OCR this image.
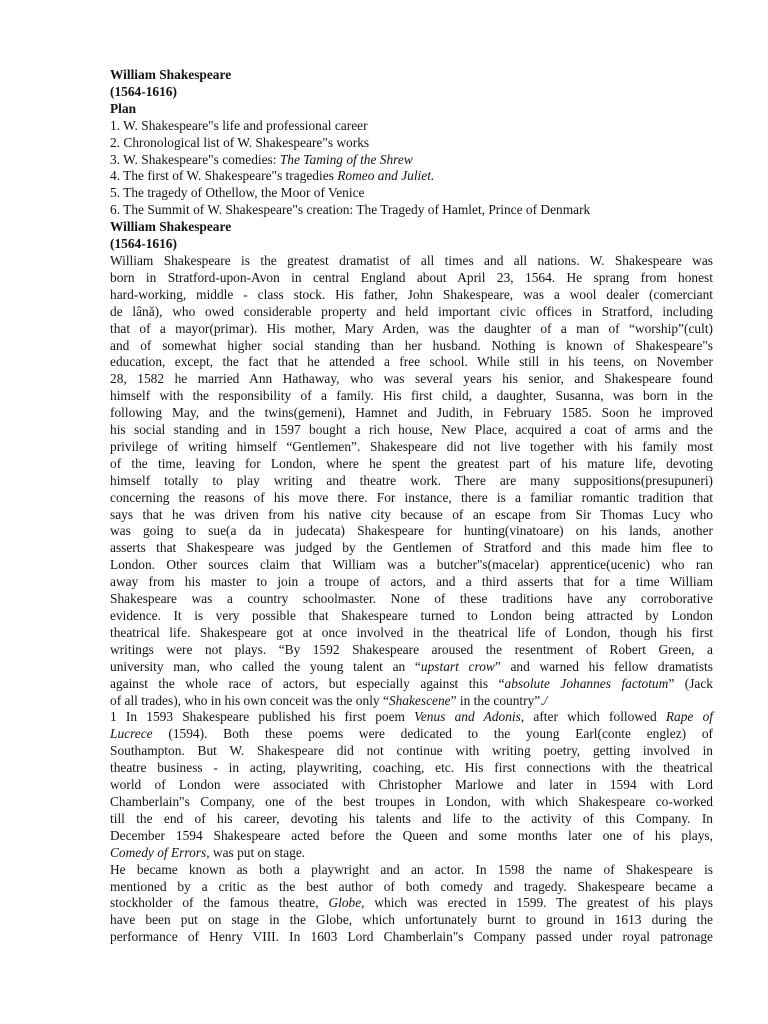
William Shakespeare
(1564-1616)
Plan
1. W. Shakespeare"s life and professional career
2. Chronological list of W. Shakespeare"s works
3. W. Shakespeare"s comedies: The Taming of the Shrew
4. The first of W. Shakespeare"s tragedies Romeo and Juliet.
5. The tragedy of Othellow, the Moor of Venice
6. The Summit of W. Shakespeare"s creation: The Tragedy of Hamlet, Prince of Denmark
William Shakespeare
(1564-1616)
William Shakespeare is the greatest dramatist of all times and all nations. W. Shakespeare was
born in Stratford-upon-Avon in central England about April 23, 1564. He sprang from honest
hard-working, middle - class stock. His father, John Shakespeare, was a wool dealer (comerciant
de lână), who owed considerable property and held important civic offices in Stratford, including
that of a mayor(primar). His mother, Mary Arden, was the daughter of a man of “worship”(cult)
and of somewhat higher social standing than her husband. Nothing is known of Shakespeare"s
education, except, the fact that he attended a free school. While still in his teens, on November
28, 1582 he married Ann Hathaway, who was several years his senior, and Shakespeare found
himself with the responsibility of a family. His first child, a daughter, Susanna, was born in the
following May, and the twins(gemeni), Hamnet and Judith, in February 1585. Soon he improved
his social standing and in 1597 bought a rich house, New Place, acquired a coat of arms and the
privilege of writing himself “Gentlemen”. Shakespeare did not live together with his family most
of the time, leaving for London, where he spent the greatest part of his mature life, devoting
himself totally to play writing and theatre work. There are many suppositions(presupuneri)
concerning the reasons of his move there. For instance, there is a familiar romantic tradition that
says that he was driven from his native city because of an escape from Sir Thomas Lucy who
was going to sue(a da in judecata) Shakespeare for hunting(vinatoare) on his lands, another
asserts that Shakespeare was judged by the Gentlemen of Stratford and this made him flee to
London. Other sources claim that William was a butcher"s(macelar) apprentice(ucenic) who ran
away from his master to join a troupe of actors, and a third asserts that for a time William
Shakespeare was a country schoolmaster. None of these traditions have any corroborative
evidence. It is very possible that Shakespeare turned to London being attracted by London
theatrical life. Shakespeare got at once involved in the theatrical life of London, though his first
writings were not plays. “By 1592 Shakespeare aroused the resentment of Robert Green, a
university man, who called the young talent an “upstart crow” and warned his fellow dramatists
against the whole race of actors, but especially against this “absolute Johannes factotum” (Jack
of all trades), who in his own conceit was the only “Shakescene” in the country”./
1 In 1593 Shakespeare published his first poem Venus and Adonis, after which followed Rape of
Lucrece (1594). Both these poems were dedicated to the young Earl(conte englez) of
Southampton. But W. Shakespeare did not continue with writing poetry, getting involved in
theatre business - in acting, playwriting, coaching, etc. His first connections with the theatrical
world of London were associated with Christopher Marlowe and later in 1594 with Lord
Chamberlain"s Company, one of the best troupes in London, with which Shakespeare co-worked
till the end of his career, devoting his talents and life to the activity of this Company. In
December 1594 Shakespeare acted before the Queen and some months later one of his plays,
Comedy of Errors, was put on stage.
He became known as both a playwright and an actor. In 1598 the name of Shakespeare is
mentioned by a critic as the best author of both comedy and tragedy. Shakespeare became a
stockholder of the famous theatre, Globe, which was erected in 1599. The greatest of his plays
have been put on stage in the Globe, which unfortunately burnt to ground in 1613 during the
performance of Henry VIII. In 1603 Lord Chamberlain"s Company passed under royal patronage
